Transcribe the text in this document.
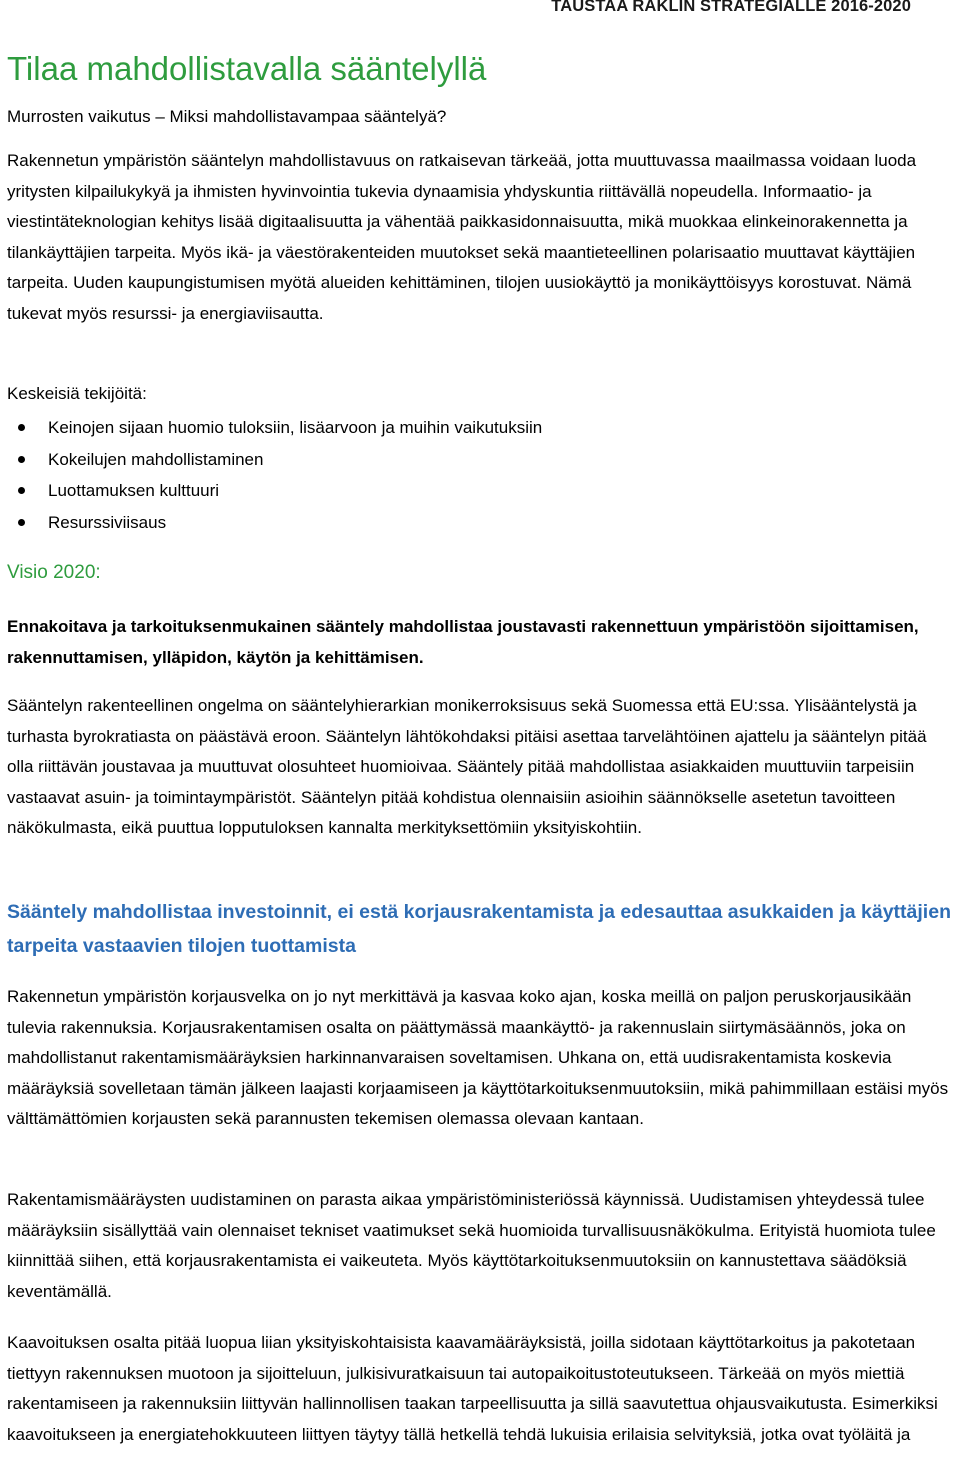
TAUSTAA RAKLIN STRATEGIALLE 2016-2020
Tilaa mahdollistavalla sääntelyllä
Murrosten vaikutus – Miksi mahdollistavampaa sääntelyä?

Rakennetun ympäristön sääntelyn mahdollistavuus on ratkaisevan tärkeää, jotta muuttuvassa maailmassa voidaan luoda yritysten kilpailukykyä ja ihmisten hyvinvointia tukevia dynaamisia yhdyskuntia riittävällä nopeudella. Informaatio- ja viestintäteknologian kehitys lisää digitaalisuutta ja vähentää paikkasidonnaisuutta, mikä muokkaa elinkeinorakennetta ja tilankäyttäjien tarpeita. Myös ikä- ja väestörakenteiden muutokset sekä maantieteellinen polarisaatio muuttavat käyttäjien tarpeita. Uuden kaupungistumisen myötä alueiden kehittäminen, tilojen uusiokäyttö ja monikäyttöisyys korostuvat. Nämä tukevat myös resurssi- ja energiaviisautta.

Keskeisiä tekijöitä:
Keinojen sijaan huomio tuloksiin, lisäarvoon ja muihin vaikutuksiin
Kokeilujen mahdollistaminen
Luottamuksen kulttuuri
Resurssiviisaus
Visio 2020:

Ennakoitava ja tarkoituksenmukainen sääntely mahdollistaa joustavasti rakennettuun ympäristöön sijoittamisen, rakennuttamisen, ylläpidon, käytön ja kehittämisen.

Sääntelyn rakenteellinen ongelma on sääntelyhierarkian monikerroksisuus sekä Suomessa että EU:ssa. Ylisääntelystä ja turhasta byrokratiasta on päästävä eroon. Sääntelyn lähtökohdaksi pitäisi asettaa tarvelähtöinen ajattelu ja sääntelyn pitää olla riittävän joustavaa ja muuttuvat olosuhteet huomioivaa. Sääntely pitää mahdollistaa asiakkaiden muuttuviin tarpeisiin vastaavat asuin- ja toimintaympäristöt. Sääntelyn pitää kohdistua olennaisiin asioihin säännökselle asetetun tavoitteen näkökulmasta, eikä puuttua lopputuloksen kannalta merkityksettömiin yksityiskohtiin.

Sääntely mahdollistaa investoinnit, ei estä korjausrakentamista ja edesauttaa asukkaiden ja käyttäjien tarpeita vastaavien tilojen tuottamista

Rakennetun ympäristön korjausvelka on jo nyt merkittävä ja kasvaa koko ajan, koska meillä on paljon peruskorjausikään tulevia rakennuksia. Korjausrakentamisen osalta on päättymässä maankäyttö- ja rakennuslain siirtymäsäännös, joka on mahdollistanut rakentamismääräyksien harkinnanvaraisen soveltamisen. Uhkana on, että uudisrakentamista koskevia määräyksiä sovelletaan tämän jälkeen laajasti korjaamiseen ja käyttötarkoituksenmuutoksiin, mikä pahimmillaan estäisi myös välttämättömien korjausten sekä parannusten tekemisen olemassa olevaan kantaan.

Rakentamismääräysten uudistaminen on parasta aikaa ympäristöministeriössä käynnissä. Uudistamisen yhteydessä tulee määräyksiin sisällyttää vain olennaiset tekniset vaatimukset sekä huomioida turvallisuusnäkökulma. Erityistä huomiota tulee kiinnittää siihen, että korjausrakentamista ei vaikeuteta. Myös käyttötarkoituksenmuutoksiin on kannustettava säädöksiä keventämällä.

Kaavoituksen osalta pitää luopua liian yksityiskohtaisista kaavamääräyksistä, joilla sidotaan käyttötarkoitus ja pakotetaan tiettyyn rakennuksen muotoon ja sijoitteluun, julkisivuratkaisuun tai autopaikoitustoteutukseen. Tärkeää on myös miettiä rakentamiseen ja rakennuksiin liittyvän hallinnollisen taakan tarpeellisuutta ja sillä saavutettua ohjausvaikutusta. Esimerkiksi kaavoitukseen ja energiatehokkuuteen liittyen täytyy tällä hetkellä tehdä lukuisia erilaisia selvityksiä, jotka ovat työläitä ja
